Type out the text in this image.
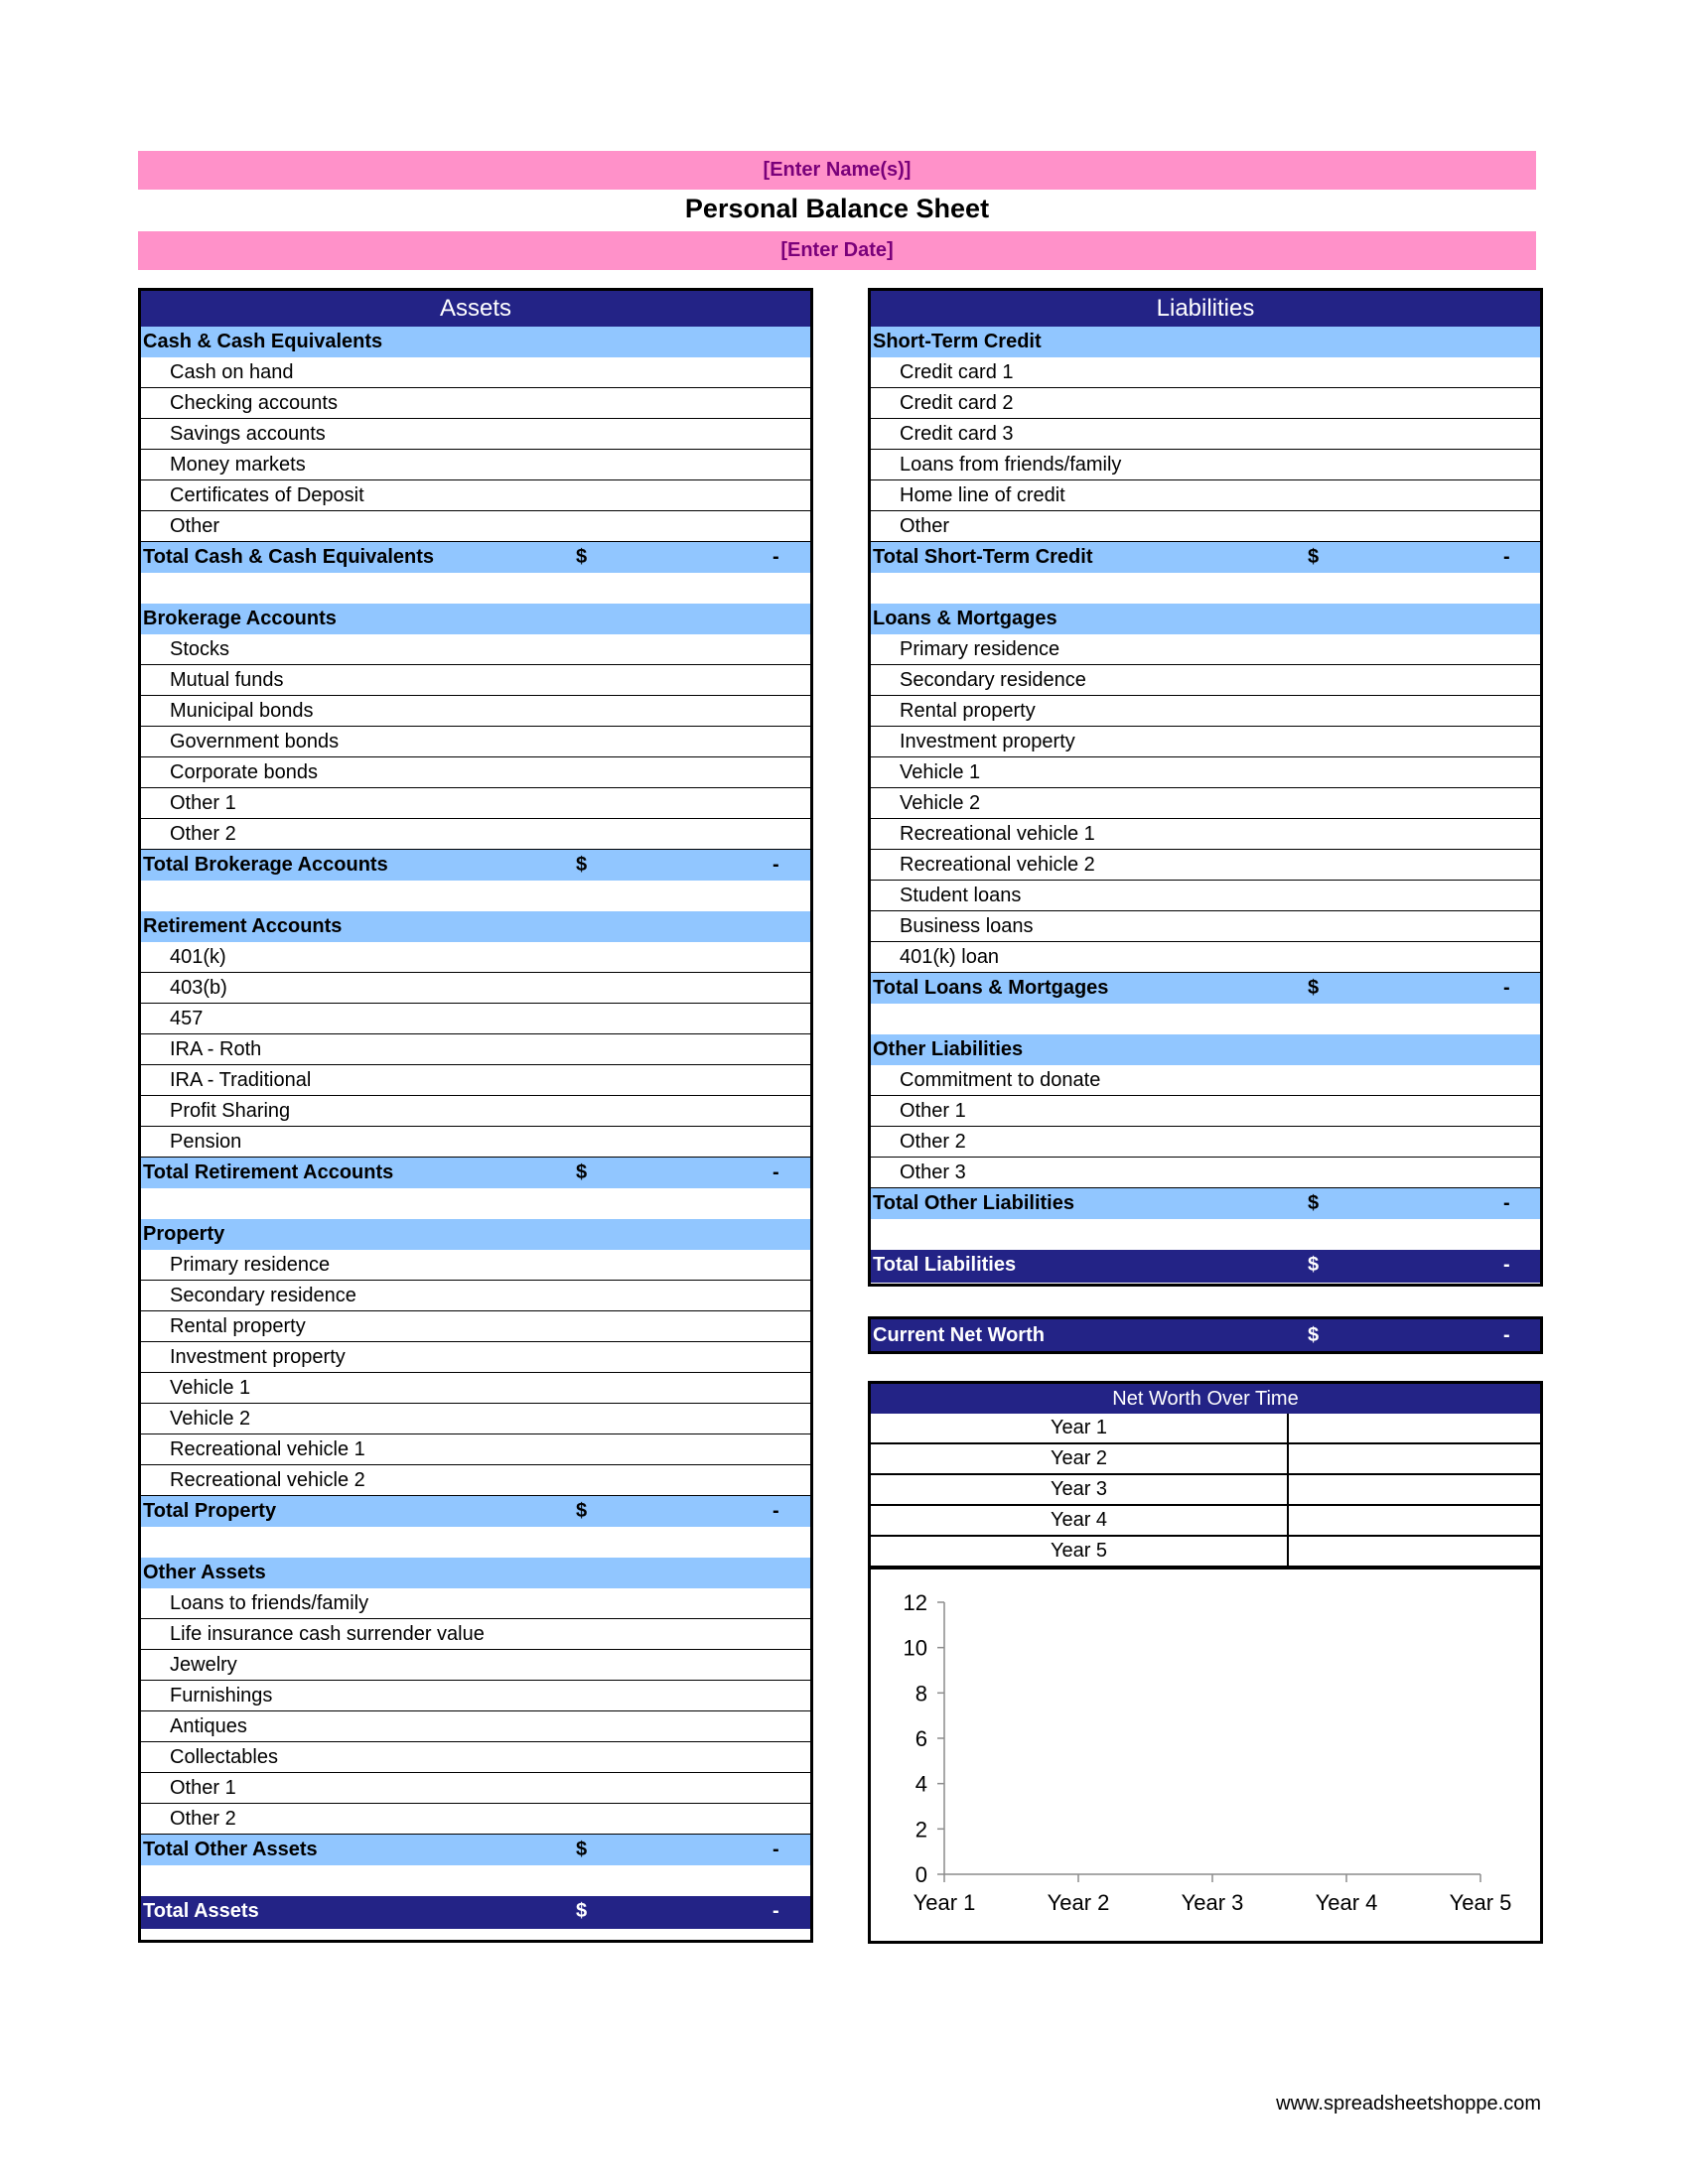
[Enter Name(s)]
Personal Balance Sheet
[Enter Date]
Assets
Cash & Cash Equivalents
Cash on hand
Checking accounts
Savings accounts
Money markets
Certificates of Deposit
Other
Total Cash & Cash Equivalents	$	-
Brokerage Accounts
Stocks
Mutual funds
Municipal bonds
Government bonds
Corporate bonds
Other 1
Other 2
Total Brokerage Accounts	$	-
Retirement Accounts
401(k)
403(b)
457
IRA - Roth
IRA - Traditional
Profit Sharing
Pension
Total Retirement Accounts	$	-
Property
Primary residence
Secondary residence
Rental property
Investment property
Vehicle 1
Vehicle 2
Recreational vehicle 1
Recreational vehicle 2
Total Property	$	-
Other Assets
Loans to friends/family
Life insurance cash surrender value
Jewelry
Furnishings
Antiques
Collectables
Other 1
Other 2
Total Other Assets	$	-
Total Assets	$	-
Liabilities
Short-Term Credit
Credit card 1
Credit card 2
Credit card 3
Loans from friends/family
Home line of credit
Other
Total Short-Term Credit	$	-
Loans & Mortgages
Primary residence
Secondary residence
Rental property
Investment property
Vehicle 1
Vehicle 2
Recreational vehicle 1
Recreational vehicle 2
Student loans
Business loans
401(k) loan
Total Loans & Mortgages	$	-
Other Liabilities
Commitment to donate
Other 1
Other 2
Other 3
Total Other Liabilities	$	-
Total Liabilities	$	-
Current Net Worth	$	-
Net Worth Over Time
Year 1
Year 2
Year 3
Year 4
Year 5
0
2
4
6
8
10
12
Year 1	Year 2	Year 3	Year 4	Year 5
www.spreadsheetshoppe.com
